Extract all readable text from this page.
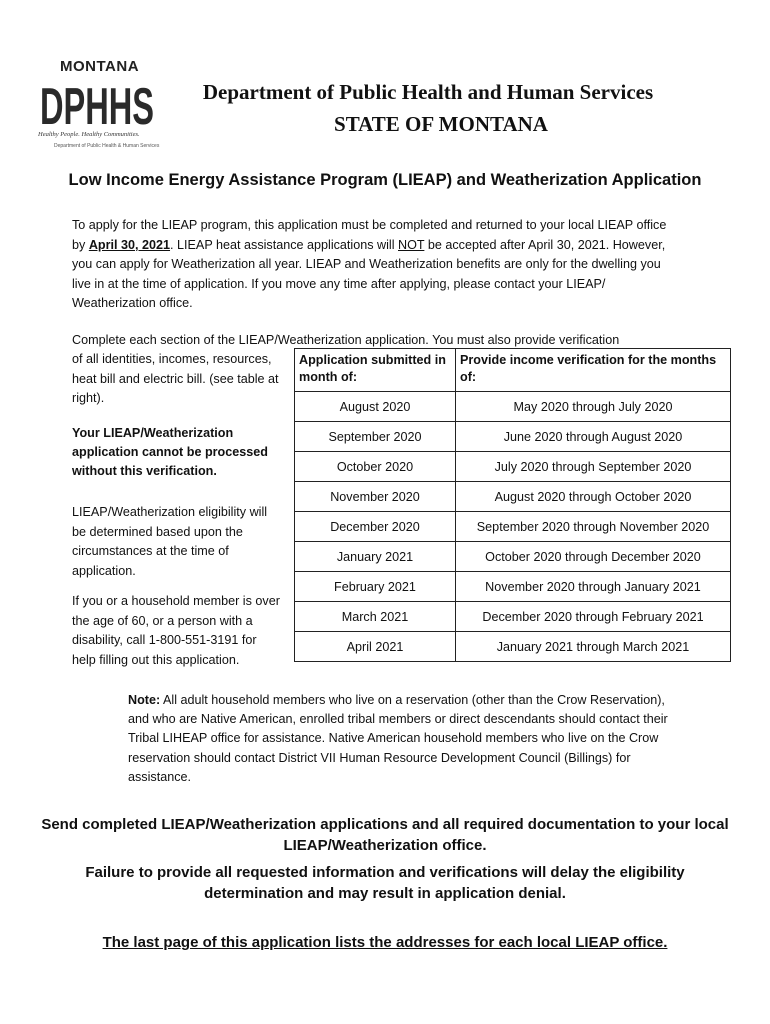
MONTANA
DPHHS
Healthy People. Healthy Communities.
Department of Public Health & Human Services
Department of Public Health and Human Services
STATE OF MONTANA
Low Income Energy Assistance Program (LIEAP) and Weatherization Application
To apply for the LIEAP program, this application must be completed and returned to your local LIEAP office by April 30, 2021. LIEAP heat assistance applications will NOT be accepted after April 30, 2021. However, you can apply for Weatherization all year. LIEAP and Weatherization benefits are only for the dwelling you live in at the time of application. If you move any time after applying, please contact your LIEAP/ Weatherization office.
Complete each section of the LIEAP/Weatherization application. You must also provide verification
of all identities, incomes, resources, heat bill and electric bill. (see table at right).
Your LIEAP/Weatherization application cannot be processed without this verification.
LIEAP/Weatherization eligibility will be determined based upon the circumstances at the time of application.
If you or a household member is over the age of 60, or a person with a disability, call 1-800-551-3191 for help filling out this application.
Application submitted in month of:	Provide income verification for the months of:
August 2020	May 2020 through July 2020
September 2020	June 2020 through August 2020
October 2020	July 2020 through September 2020
November 2020	August 2020 through October 2020
December 2020	September 2020 through November 2020
January 2021	October 2020 through December 2020
February 2021	November 2020 through January 2021
March 2021	December 2020 through February 2021
April 2021	January 2021 through March 2021
Note: All adult household members who live on a reservation (other than the Crow Reservation), and who are Native American, enrolled tribal members or direct descendants should contact their Tribal LIHEAP office for assistance. Native American household members who live on the Crow reservation should contact District VII Human Resource Development Council (Billings) for assistance.
Send completed LIEAP/Weatherization applications and all required documentation to your local LIEAP/Weatherization office.
Failure to provide all requested information and verifications will delay the eligibility determination and may result in application denial.
The last page of this application lists the addresses for each local LIEAP office.
